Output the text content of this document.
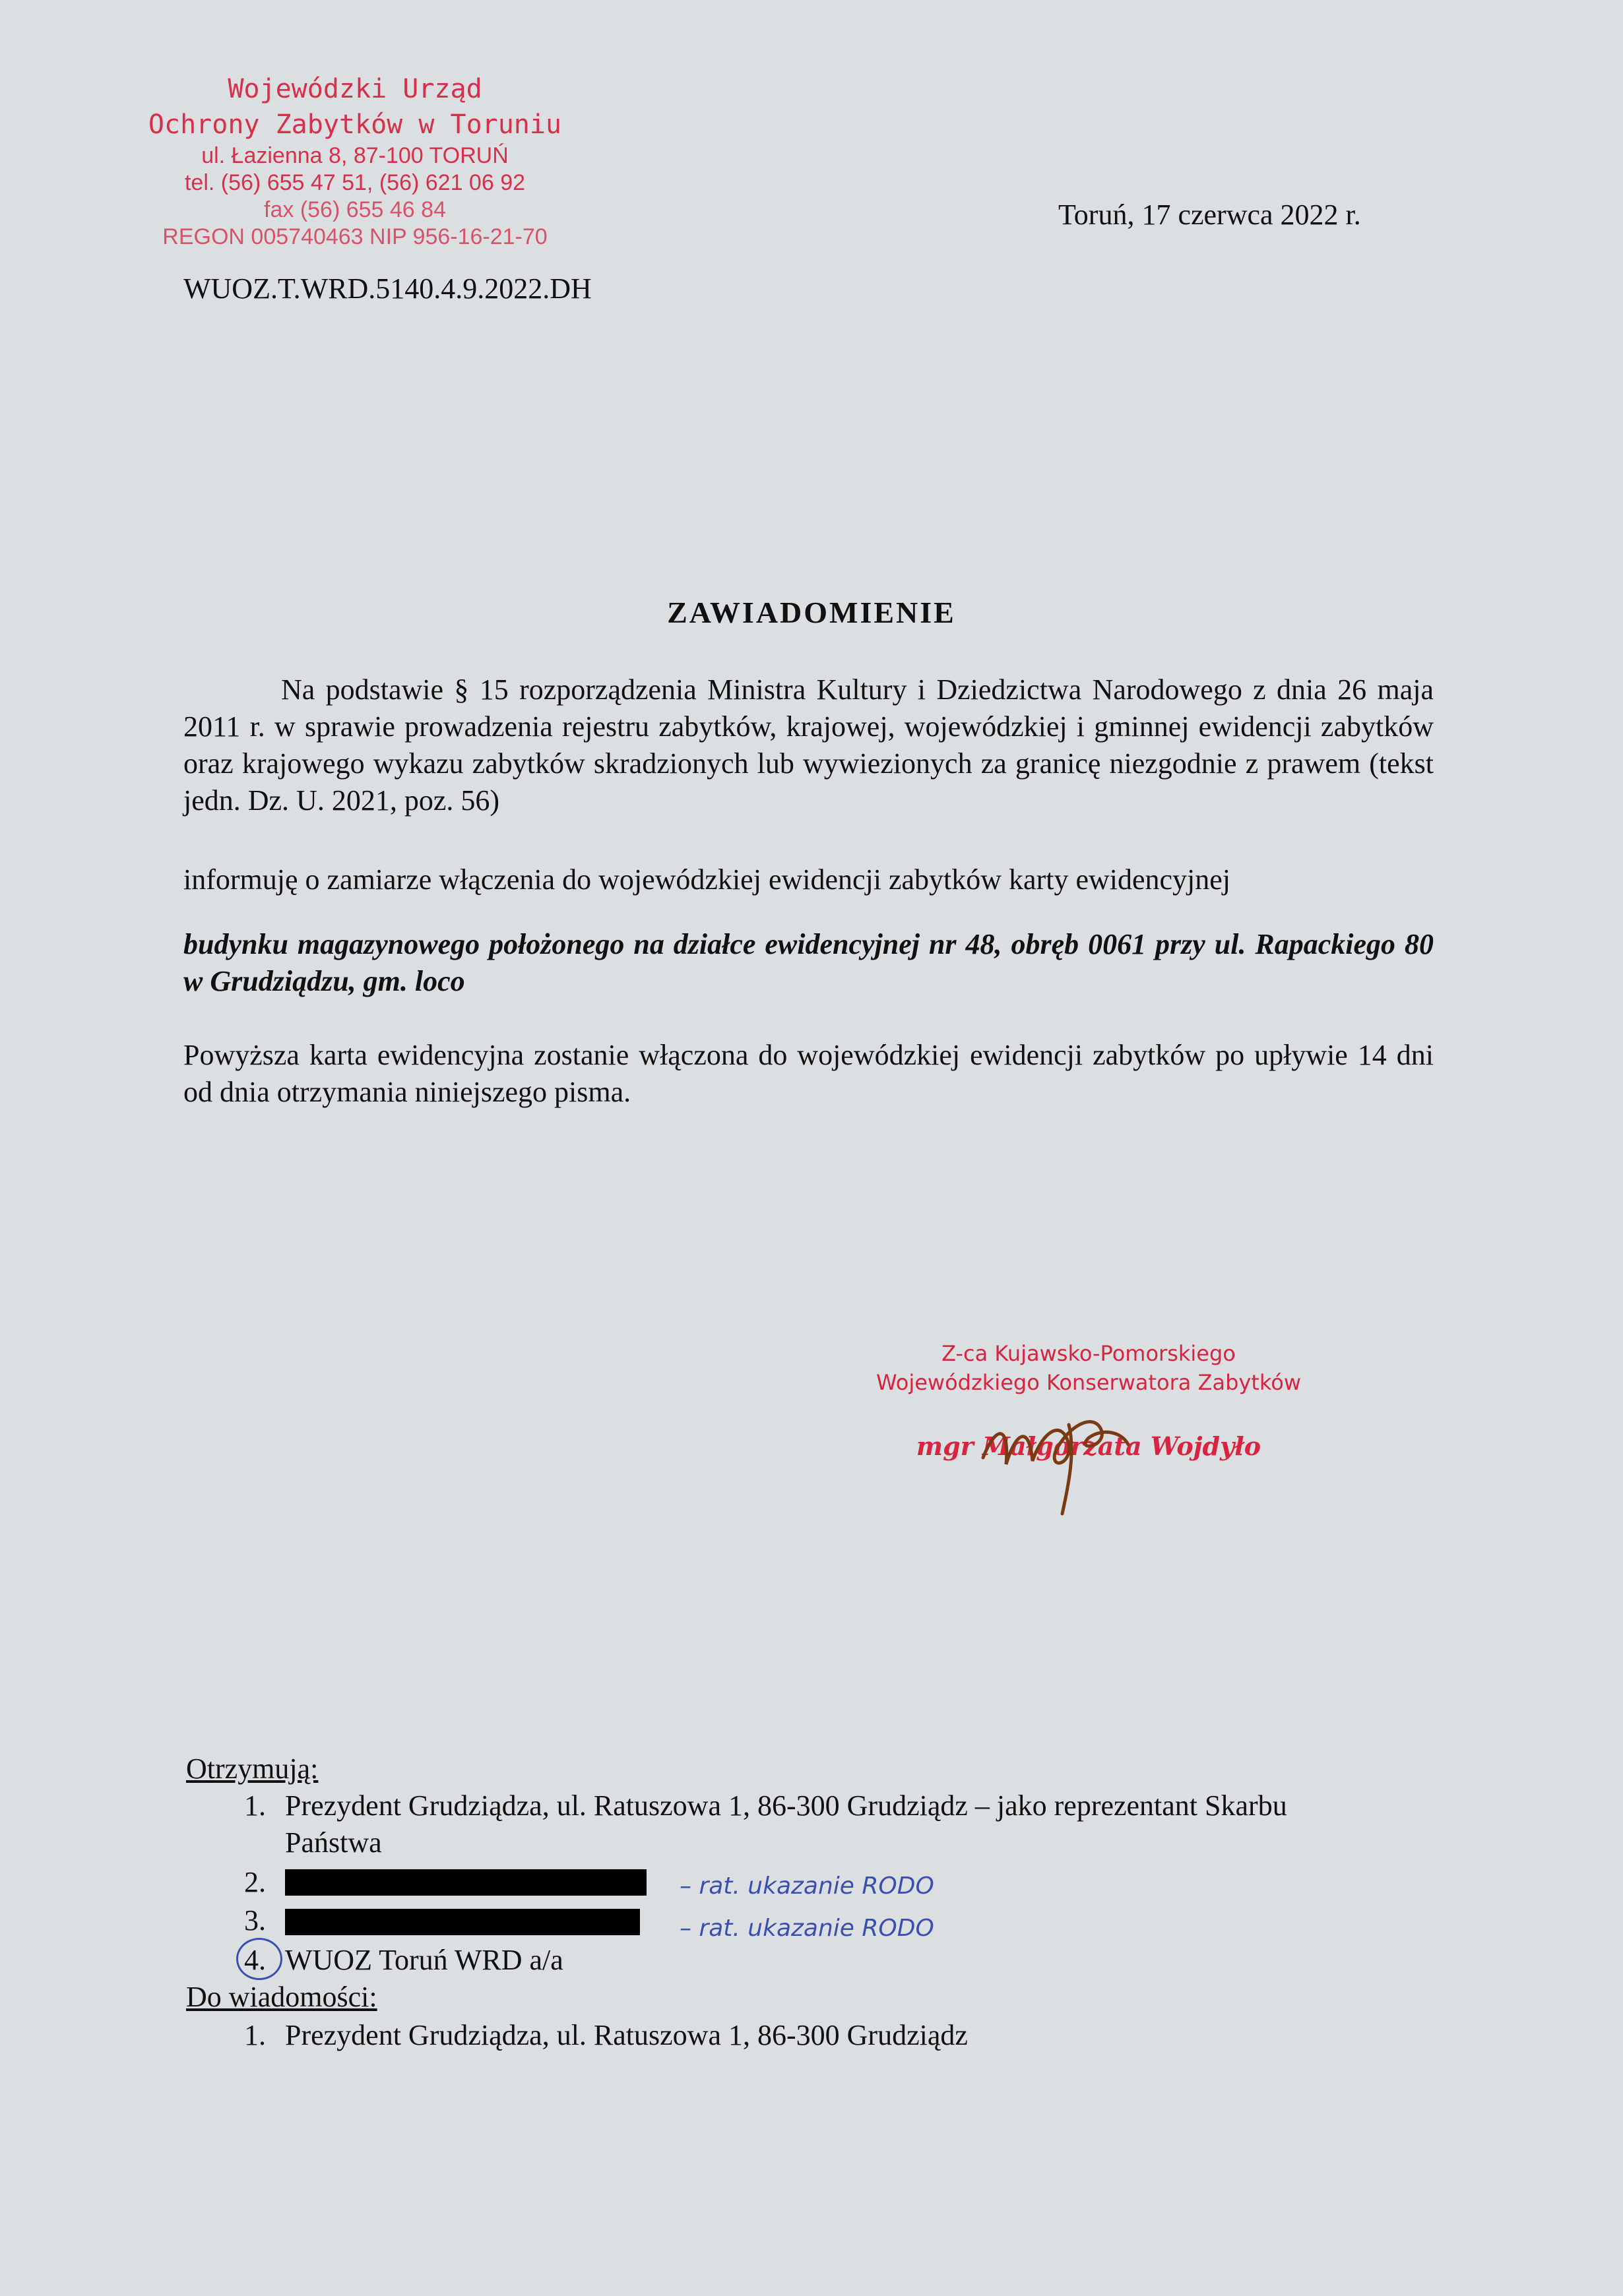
Wojewódzki Urząd
Ochrony Zabytków w Toruniu
ul. Łazienna 8, 87-100 TORUŃ
tel. (56) 655 47 51, (56) 621 06 92
fax (56) 655 46 84
REGON 005740463 NIP 956-16-21-70
Toruń, 17 czerwca 2022 r.
WUOZ.T.WRD.5140.4.9.2022.DH
ZAWIADOMIENIE
Na podstawie § 15 rozporządzenia Ministra Kultury i Dziedzictwa Narodowego z dnia 26 maja 2011 r. w sprawie prowadzenia rejestru zabytków, krajowej, wojewódzkiej i gminnej ewidencji zabytków oraz krajowego wykazu zabytków skradzionych lub wywiezionych za granicę niezgodnie z prawem (tekst jedn. Dz. U. 2021, poz. 56)
informuję o zamiarze włączenia do wojewódzkiej ewidencji zabytków karty ewidencyjnej
budynku magazynowego położonego na działce ewidencyjnej nr 48, obręb 0061 przy ul. Rapackiego 80 w Grudziądzu, gm. loco
Powyższa karta ewidencyjna zostanie włączona do wojewódzkiej ewidencji zabytków po upływie 14 dni od dnia otrzymania niniejszego pisma.
Z-ca Kujawsko-Pomorskiego
Wojewódzkiego Konserwatora Zabytków
mgr Małgorzata Wojdyło
Otrzymują:
1. Prezydent Grudziądza, ul. Ratuszowa 1, 86-300 Grudziądz – jako reprezentant Skarbu
Państwa
2.	– rat. ukazanie RODO
3.	– rat. ukazanie RODO
4. WUOZ Toruń WRD a/a
Do wiadomości:
1. Prezydent Grudziądza, ul. Ratuszowa 1, 86-300 Grudziądz
